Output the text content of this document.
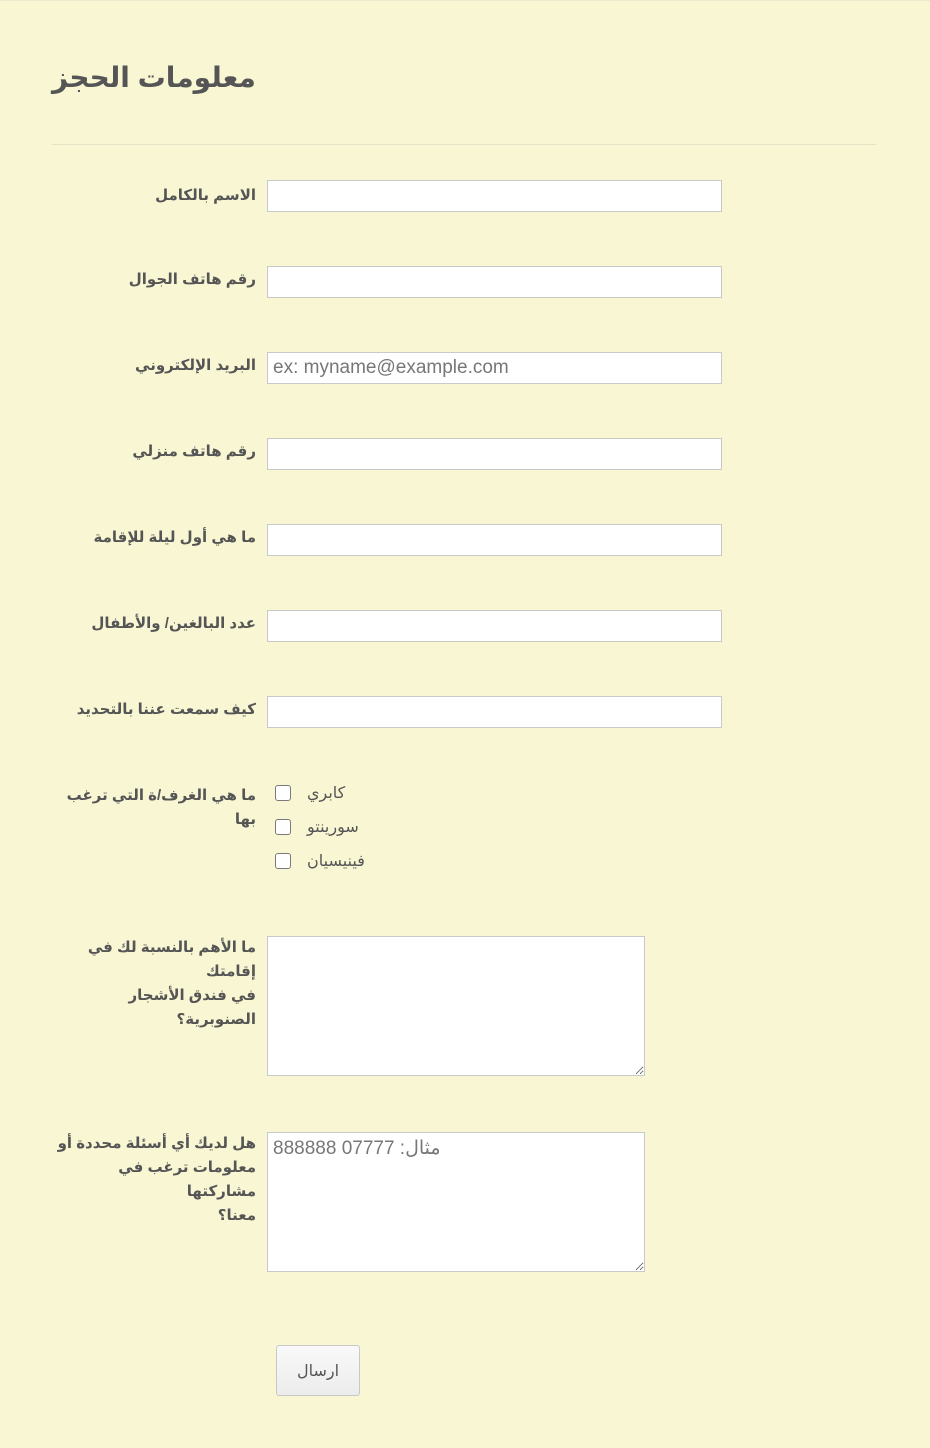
معلومات الحجز
الاسم بالكامل
رقم هاتف الجوال
البريد الإلكتروني
ex: myname@example.com
رقم هاتف منزلي
ما هي أول ليلة للإقامة
عدد البالغين/ والأطفال
كيف سمعت عننا بالتحديد
ما هي الغرف/ة التي ترغب بها
كابري
سورينتو
فينيسيان
ما الأهم بالنسبة لك في إقامتك
في فندق الأشجار الصنوبرية؟
هل لديك أي أسئلة محددة أو
معلومات ترغب في مشاركتها
معنا؟
مثال: 07777 888888
ارسال
